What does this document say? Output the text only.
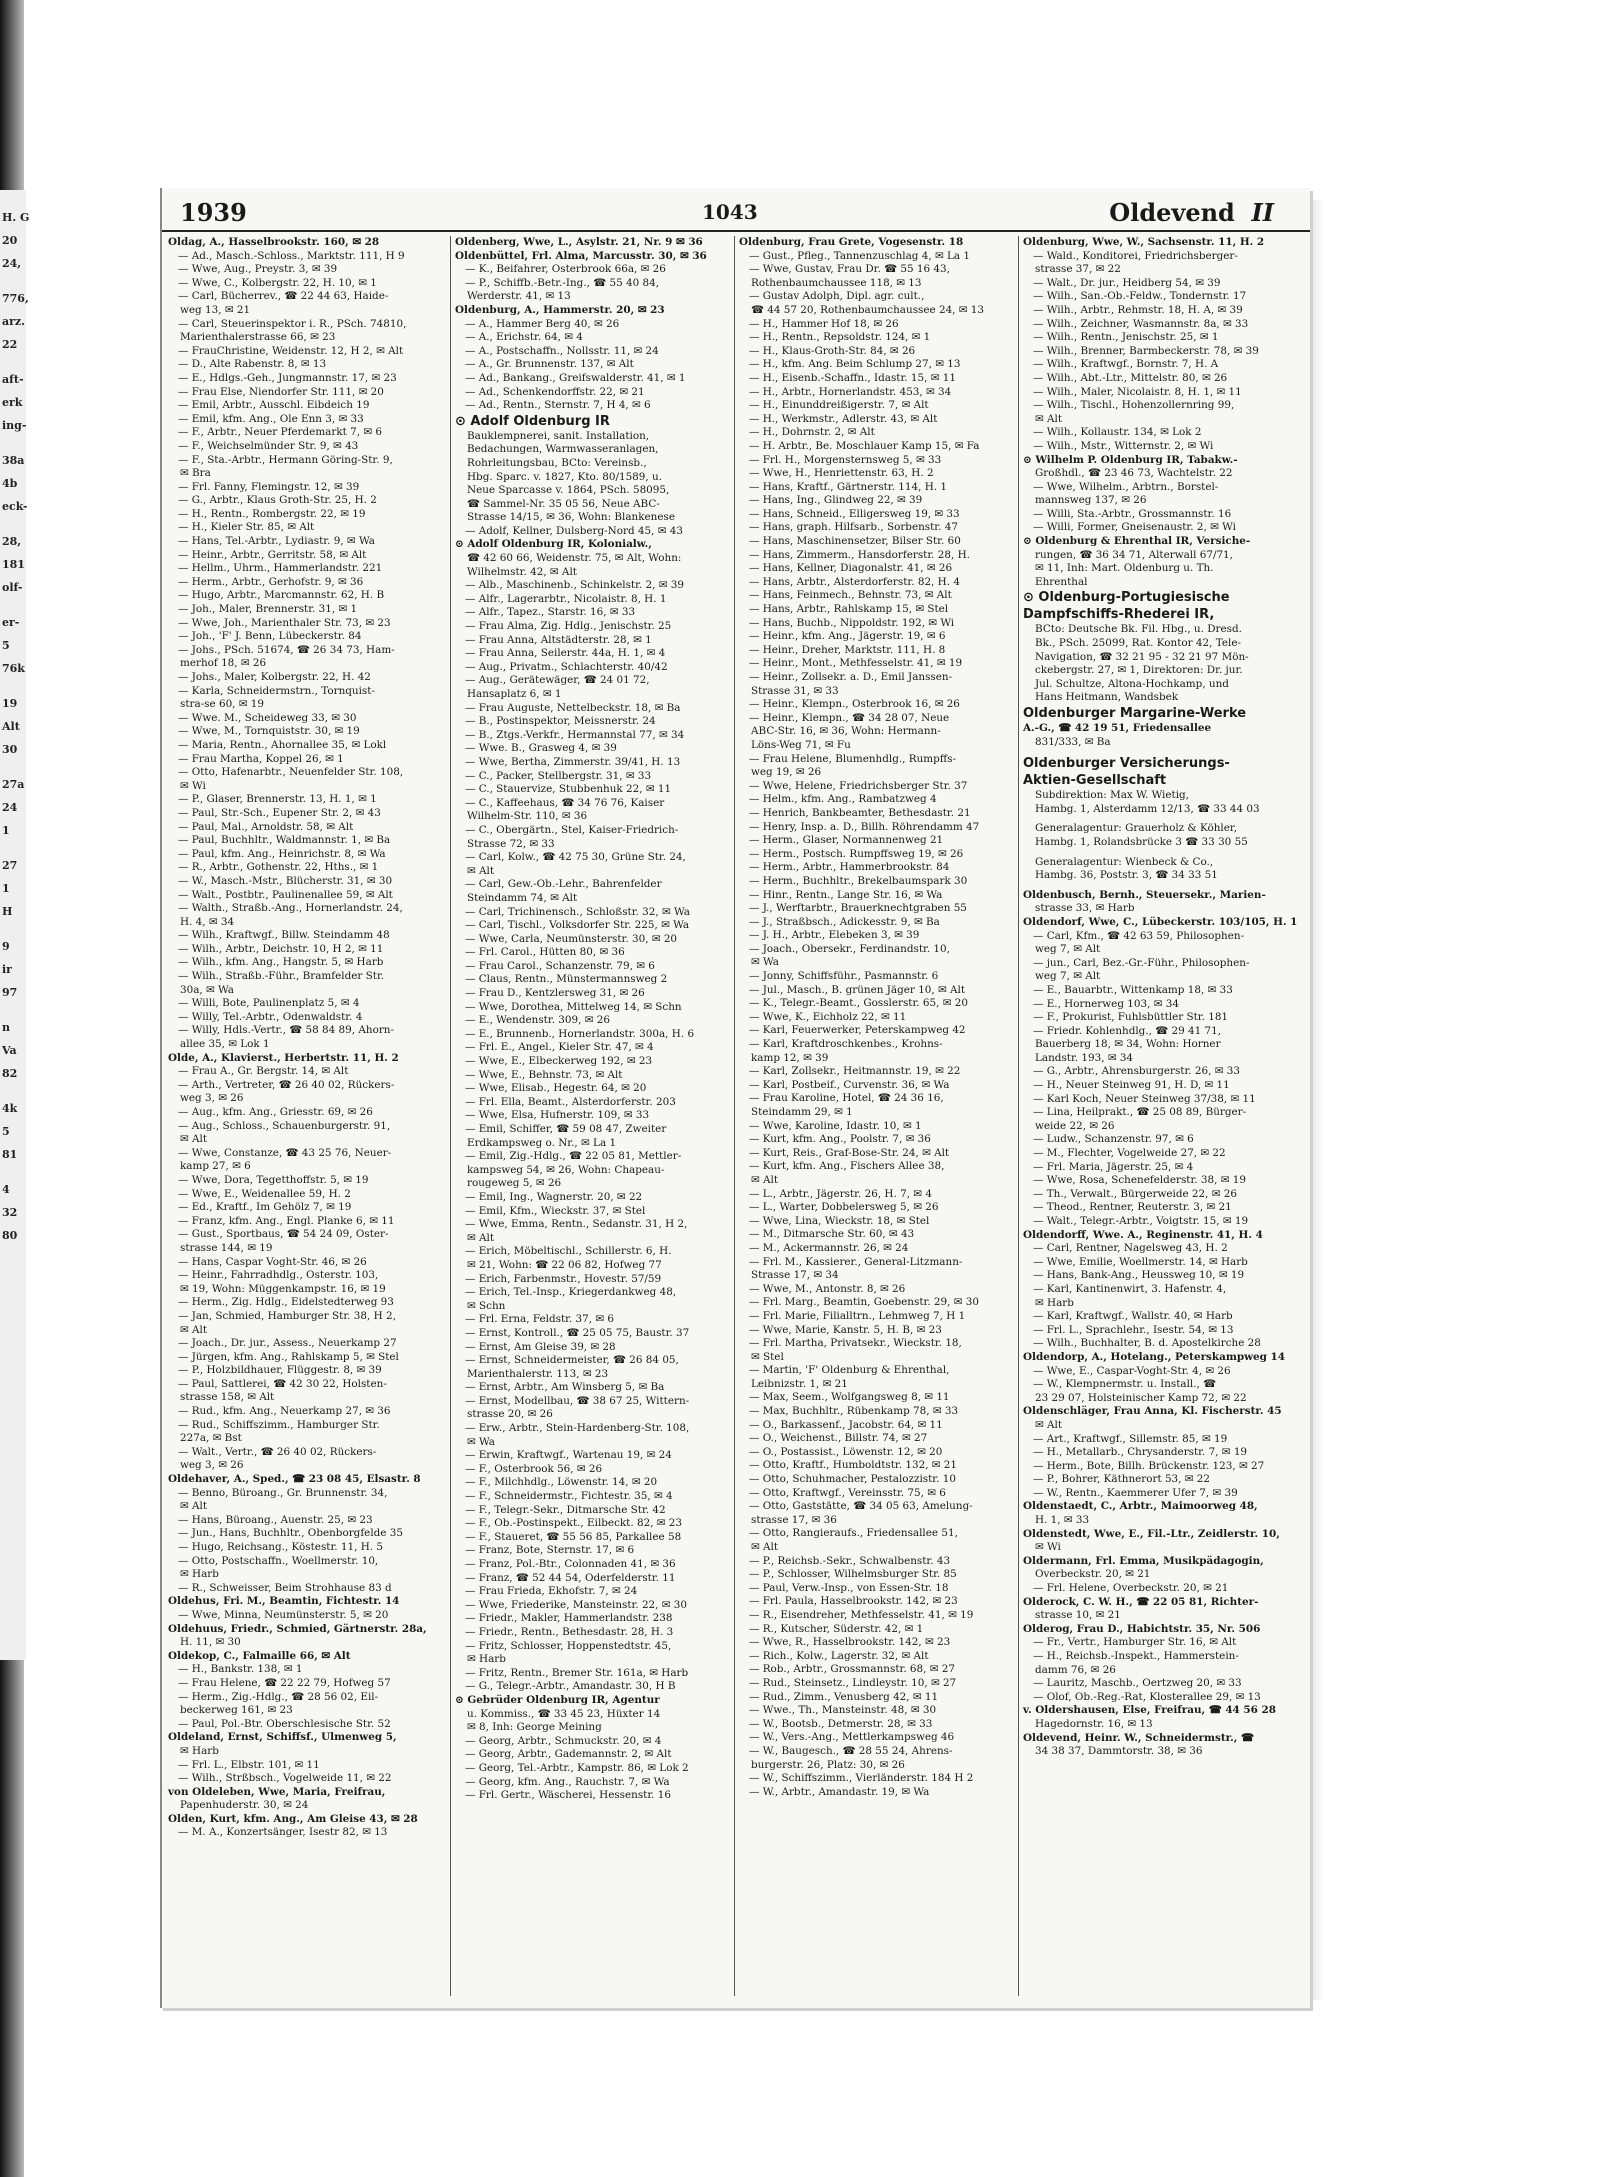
H. G
20
24,
776,
arz.
22
aft-
erk
ing-
38a
4b
eck-
28,
181
olf-
er-
5
76k
19
Alt
30
27a
24
1
27
1
H
9
ir
97
n
Va
82
4k
5
81
4
32
80
1939	1043	Oldevend II

Oldag, A., Hasselbrookstr. 160, ✉ 28

— Ad., Masch.-Schloss., Marktstr. 111, H 9

— Wwe, Aug., Preystr. 3, ✉ 39

— Wwe, C., Kolbergstr. 22, H. 10, ✉ 1

— Carl, Bücherrev., ☎ 22 44 63, Haide-

weg 13, ✉ 21

— Carl, Steuerinspektor i. R., PSch. 74810,

Marienthalerstrasse 66, ✉ 23

— FrauChristine, Weidenstr. 12, H 2, ✉ Alt

— D., Alte Rabenstr. 8, ✉ 13

— E., Hdlgs.-Geh., Jungmannstr. 17, ✉ 23

— Frau Else, Niendorfer Str. 111, ✉ 20

— Emil, Arbtr., Ausschl. Eibdeich 19

— Emil, kfm. Ang., Ole Enn 3, ✉ 33

— F., Arbtr., Neuer Pferdemarkt 7, ✉ 6

— F., Weichselmünder Str. 9, ✉ 43

— F., Sta.-Arbtr., Hermann Göring-Str. 9,

✉ Bra

— Frl. Fanny, Flemingstr. 12, ✉ 39

— G., Arbtr., Klaus Groth-Str. 25, H. 2

— H., Rentn., Rombergstr. 22, ✉ 19

— H., Kieler Str. 85, ✉ Alt

— Hans, Tel.-Arbtr., Lydiastr. 9, ✉ Wa

— Heinr., Arbtr., Gerritstr. 58, ✉ Alt

— Hellm., Uhrm., Hammerlandstr. 221

— Herm., Arbtr., Gerhofstr. 9, ✉ 36

— Hugo, Arbtr., Marcmannstr. 62, H. B

— Joh., Maler, Brennerstr. 31, ✉ 1

— Wwe, Joh., Marienthaler Str. 73, ✉ 23

— Joh., 'F' J. Benn, Lübeckerstr. 84

— Johs., PSch. 51674, ☎ 26 34 73, Ham-

merhof 18, ✉ 26

— Johs., Maler, Kolbergstr. 22, H. 42

— Karla, Schneidermstrn., Tornquist-

stra-se 60, ✉ 19

— Wwe. M., Scheideweg 33, ✉ 30

— Wwe, M., Tornquiststr. 30, ✉ 19

— Maria, Rentn., Ahornallee 35, ✉ Lokl

— Frau Martha, Koppel 26, ✉ 1

— Otto, Hafenarbtr., Neuenfelder Str. 108,

✉ Wi

— P., Glaser, Brennerstr. 13, H. 1, ✉ 1

— Paul, Str.-Sch., Eupener Str. 2, ✉ 43

— Paul, Mal., Arnoldstr. 58, ✉ Alt

— Paul, Buchhltr., Waldmannstr. 1, ✉ Ba

— Paul, kfm. Ang., Heinrichstr. 8, ✉ Wa

— R., Arbtr., Gothenstr. 22, Hths., ✉ 1

— W., Masch.-Mstr., Blücherstr. 31, ✉ 30

— Walt., Postbtr., Paulinenallee 59, ✉ Alt

— Walth., Straßb.-Ang., Hornerlandstr. 24,

H. 4, ✉ 34

— Wilh., Kraftwgf., Billw. Steindamm 48

— Wilh., Arbtr., Deichstr. 10, H 2, ✉ 11

— Wilh., kfm. Ang., Hangstr. 5, ✉ Harb

— Wilh., Straßb.-Führ., Bramfelder Str.

30a, ✉ Wa

— Willi, Bote, Paulinenplatz 5, ✉ 4

— Willy, Tel.-Arbtr., Odenwaldstr. 4

— Willy, Hdls.-Vertr., ☎ 58 84 89, Ahorn-

allee 35, ✉ Lok 1

Olde, A., Klavierst., Herbertstr. 11, H. 2

— Frau A., Gr. Bergstr. 14, ✉ Alt

— Arth., Vertreter, ☎ 26 40 02, Rückers-

weg 3, ✉ 26

— Aug., kfm. Ang., Griesstr. 69, ✉ 26

— Aug., Schloss., Schauenburgerstr. 91,

✉ Alt

— Wwe, Constanze, ☎ 43 25 76, Neuer-

kamp 27, ✉ 6

— Wwe, Dora, Tegetthoffstr. 5, ✉ 19

— Wwe, E., Weidenallee 59, H. 2

— Ed., Kraftf., Im Gehölz 7, ✉ 19

— Franz, kfm. Ang., Engl. Planke 6, ✉ 11

— Gust., Sportbaus, ☎ 54 24 09, Oster-

strasse 144, ✉ 19

— Hans, Caspar Voght-Str. 46, ✉ 26

— Heinr., Fahrradhdlg., Osterstr. 103,

✉ 19, Wohn: Müggenkampstr. 16, ✉ 19

— Herm., Zig. Hdlg., Eidelstedterweg 93

— Jan, Schmied, Hamburger Str. 38, H 2,

✉ Alt

— Joach., Dr. jur., Assess., Neuerkamp 27

— Jürgen, kfm. Ang., Rahlskamp 5, ✉ Stel

— P., Holzbildhauer, Flüggestr. 8, ✉ 39

— Paul, Sattlerei, ☎ 42 30 22, Holsten-

strasse 158, ✉ Alt

— Rud., kfm. Ang., Neuerkamp 27, ✉ 36

— Rud., Schiffszimm., Hamburger Str.

227a, ✉ Bst

— Walt., Vertr., ☎ 26 40 02, Rückers-

weg 3, ✉ 26

Oldehaver, A., Sped., ☎ 23 08 45, Elsastr. 8

— Benno, Büroang., Gr. Brunnenstr. 34,

✉ Alt

— Hans, Büroang., Auenstr. 25, ✉ 23

— Jun., Hans, Buchhltr., Obenborgfelde 35

— Hugo, Reichsang., Köstestr. 11, H. 5

— Otto, Postschaffn., Woellmerstr. 10,

✉ Harb

— R., Schweisser, Beim Strohhause 83 d

Oldehus, Fri. M., Beamtin, Fichtestr. 14

— Wwe, Minna, Neumünsterstr. 5, ✉ 20

Oldehuus, Friedr., Schmied, Gärtnerstr. 28a,

H. 11, ✉ 30

Oldekop, C., Falmaille 66, ✉ Alt

— H., Bankstr. 138, ✉ 1

— Frau Helene, ☎ 22 22 79, Hofweg 57

— Herm., Zig.-Hdlg., ☎ 28 56 02, Eil-

beckerweg 161, ✉ 23

— Paul, Pol.-Btr. Oberschlesische Str. 52

Oldeland, Ernst, Schiffsf., Ulmenweg 5,

✉ Harb

— Frl. L., Elbstr. 101, ✉ 11

— Wilh., Strßbsch., Vogelweide 11, ✉ 22

von Oldeleben, Wwe, Maria, Freifrau,

Papenhuderstr. 30, ✉ 24

Olden, Kurt, kfm. Ang., Am Gleise 43, ✉ 28

— M. A., Konzertsänger, Isestr 82, ✉ 13

Oldenberg, Wwe, L., Asylstr. 21, Nr. 9 ✉ 36

Oldenbüttel, Frl. Alma, Marcusstr. 30, ✉ 36

— K., Beifahrer, Osterbrook 66a, ✉ 26

— P., Schiffb.-Betr.-Ing., ☎ 55 40 84,

Werderstr. 41, ✉ 13

Oldenburg, A., Hammerstr. 20, ✉ 23

— A., Hammer Berg 40, ✉ 26

— A., Erichstr. 64, ✉ 4

— A., Postschaffn., Nollsstr. 11, ✉ 24

— A., Gr. Brunnenstr. 137, ✉ Alt

— Ad., Bankang., Greifswalderstr. 41, ✉ 1

— Ad., Schenkendorffstr. 22, ✉ 21

— Ad., Rentn., Sternstr. 7, H 4, ✉ 6

⊙ Adolf Oldenburg IR

Bauklempnerei, sanit. Installation,

Bedachungen, Warmwasseranlagen,

Rohrleitungsbau, BCto: Vereinsb.,

Hbg. Sparc. v. 1827, Kto. 80/1589, u.

Neue Sparcasse v. 1864, PSch. 58095,

☎ Sammel-Nr. 35 05 56, Neue ABC-

Strasse 14/15, ✉ 36, Wohn: Blankenese

— Adolf, Kellner, Dulsberg-Nord 45, ✉ 43

⊙ Adolf Oldenburg IR, Kolonialw.,

☎ 42 60 66, Weidenstr. 75, ✉ Alt, Wohn:

Wilhelmstr. 42, ✉ Alt

— Alb., Maschinenb., Schinkelstr. 2, ✉ 39

— Alfr., Lagerarbtr., Nicolaistr. 8, H. 1

— Alfr., Tapez., Starstr. 16, ✉ 33

— Frau Alma, Zig. Hdlg., Jenischstr. 25

— Frau Anna, Altstädterstr. 28, ✉ 1

— Frau Anna, Seilerstr. 44a, H. 1, ✉ 4

— Aug., Privatm., Schlachterstr. 40/42

— Aug., Gerätewäger, ☎ 24 01 72,

Hansaplatz 6, ✉ 1

— Frau Auguste, Nettelbeckstr. 18, ✉ Ba

— B., Postinspektor, Meissnerstr. 24

— B., Ztgs.-Verkfr., Hermannstal 77, ✉ 34

— Wwe. B., Grasweg 4, ✉ 39

— Wwe, Bertha, Zimmerstr. 39/41, H. 13

— C., Packer, Stellbergstr. 31, ✉ 33

— C., Stauervize, Stubbenhuk 22, ✉ 11

— C., Kaffeehaus, ☎ 34 76 76, Kaiser

Wilhelm-Str. 110, ✉ 36

— C., Obergärtn., Stel, Kaiser-Friedrich-

Strasse 72, ✉ 33

— Carl, Kolw., ☎ 42 75 30, Grüne Str. 24,

✉ Alt

— Carl, Gew.-Ob.-Lehr., Bahrenfelder

Steindamm 74, ✉ Alt

— Carl, Trichinensch., Schloßstr. 32, ✉ Wa

— Carl, Tischl., Volksdorfer Str. 225, ✉ Wa

— Wwe, Carla, Neumünsterstr. 30, ✉ 20

— Frl. Carol., Hütten 80, ✉ 36

— Frau Carol., Schanzenstr. 79, ✉ 6

— Claus, Rentn., Münstermannsweg 2

— Frau D., Kentzlersweg 31, ✉ 26

— Wwe, Dorothea, Mittelweg 14, ✉ Schn

— E., Wendenstr. 309, ✉ 26

— E., Brunnenb., Hornerlandstr. 300a, H. 6

— Frl. E., Angel., Kieler Str. 47, ✉ 4

— Wwe, E., Elbeckerweg 192, ✉ 23

— Wwe, E., Behnstr. 73, ✉ Alt

— Wwe, Elisab., Hegestr. 64, ✉ 20

— Frl. Ella, Beamt., Alsterdorferstr. 203

— Wwe, Elsa, Hufnerstr. 109, ✉ 33

— Emil, Schiffer, ☎ 59 08 47, Zweiter

Erdkampsweg o. Nr., ✉ La 1

— Emil, Zig.-Hdlg., ☎ 22 05 81, Mettler-

kampsweg 54, ✉ 26, Wohn: Chapeau-

rougeweg 5, ✉ 26

— Emil, Ing., Wagnerstr. 20, ✉ 22

— Emil, Kfm., Wieckstr. 37, ✉ Stel

— Wwe, Emma, Rentn., Sedanstr. 31, H 2,

✉ Alt

— Erich, Möbeltischl., Schillerstr. 6, H.

✉ 21, Wohn: ☎ 22 06 82, Hofweg 77

— Erich, Farbenmstr., Hovestr. 57/59

— Erich, Tel.-Insp., Kriegerdankweg 48,

✉ Schn

— Frl. Erna, Feldstr. 37, ✉ 6

— Ernst, Kontroll., ☎ 25 05 75, Baustr. 37

— Ernst, Am Gleise 39, ✉ 28

— Ernst, Schneidermeister, ☎ 26 84 05,

Marienthalerstr. 113, ✉ 23

— Ernst, Arbtr., Am Winsberg 5, ✉ Ba

— Ernst, Modellbau, ☎ 38 67 25, Wittern-

strasse 20, ✉ 26

— Erw., Arbtr., Stein-Hardenberg-Str. 108,

✉ Wa

— Erwin, Kraftwgf., Wartenau 19, ✉ 24

— F., Osterbrook 56, ✉ 26

— F., Milchhdlg., Löwenstr. 14, ✉ 20

— F., Schneidermstr., Fichtestr. 35, ✉ 4

— F., Telegr.-Sekr., Ditmarsche Str. 42

— F., Ob.-Postinspekt., Eilbeckt. 82, ✉ 23

— F., Staueret, ☎ 55 56 85, Parkallee 58

— Franz, Bote, Sternstr. 17, ✉ 6

— Franz, Pol.-Btr., Colonnaden 41, ✉ 36

— Franz, ☎ 52 44 54, Oderfelderstr. 11

— Frau Frieda, Ekhofstr. 7, ✉ 24

— Wwe, Friederike, Mansteinstr. 22, ✉ 30

— Friedr., Makler, Hammerlandstr. 238

— Friedr., Rentn., Bethesdastr. 28, H. 3

— Fritz, Schlosser, Hoppenstedtstr. 45,

✉ Harb

— Fritz, Rentn., Bremer Str. 161a, ✉ Harb

— G., Telegr.-Arbtr., Amandastr. 30, H B

⊙ Gebrüder Oldenburg IR, Agentur

u. Kommiss., ☎ 33 45 23, Hüxter 14

✉ 8, Inh: George Meining

— Georg, Arbtr., Schmuckstr. 20, ✉ 4

— Georg, Arbtr., Gademannstr. 2, ✉ Alt

— Georg, Tel.-Arbtr., Kampstr. 86, ✉ Lok 2

— Georg, kfm. Ang., Rauchstr. 7, ✉ Wa

— Frl. Gertr., Wäscherei, Hessenstr. 16

Oldenburg, Frau Grete, Vogesenstr. 18

— Gust., Pfleg., Tannenzuschlag 4, ✉ La 1

— Wwe, Gustav, Frau Dr. ☎ 55 16 43,

Rothenbaumchaussee 118, ✉ 13

— Gustav Adolph, Dipl. agr. cult.,

☎ 44 57 20, Rothenbaumchaussee 24, ✉ 13

— H., Hammer Hof 18, ✉ 26

— H., Rentn., Repsoldstr. 124, ✉ 1

— H., Klaus-Groth-Str. 84, ✉ 26

— H., kfm. Ang. Beim Schlump 27, ✉ 13

— H., Eisenb.-Schaffn., Idastr. 15, ✉ 11

— H., Arbtr., Hornerlandstr. 453, ✉ 34

— H., Einunddreißigerstr. 7, ✉ Alt

— H., Werkmstr., Adlerstr. 43, ✉ Alt

— H., Dohrnstr. 2, ✉ Alt

— H. Arbtr., Be. Moschlauer Kamp 15, ✉ Fa

— Frl. H., Morgensternsweg 5, ✉ 33

— Wwe, H., Henriettenstr. 63, H. 2

— Hans, Kraftf., Gärtnerstr. 114, H. 1

— Hans, Ing., Glindweg 22, ✉ 39

— Hans, Schneid., Elligersweg 19, ✉ 33

— Hans, graph. Hilfsarb., Sorbenstr. 47

— Hans, Maschinensetzer, Bilser Str. 60

— Hans, Zimmerm., Hansdorferstr. 28, H.

— Hans, Kellner, Diagonalstr. 41, ✉ 26

— Hans, Arbtr., Alsterdorferstr. 82, H. 4

— Hans, Feinmech., Behnstr. 73, ✉ Alt

— Hans, Arbtr., Rahlskamp 15, ✉ Stel

— Hans, Buchb., Nippoldstr. 192, ✉ Wi

— Heinr., kfm. Ang., Jägerstr. 19, ✉ 6

— Heinr., Dreher, Marktstr. 111, H. 8

— Heinr., Mont., Methfesselstr. 41, ✉ 19

— Heinr., Zollsekr. a. D., Emil Janssen-

Strasse 31, ✉ 33

— Heinr., Klempn., Osterbrook 16, ✉ 26

— Heinr., Klempn., ☎ 34 28 07, Neue

ABC-Str. 16, ✉ 36, Wohn: Hermann-

Löns-Weg 71, ✉ Fu

— Frau Helene, Blumenhdlg., Rumpffs-

weg 19, ✉ 26

— Wwe, Helene, Friedrichsberger Str. 37

— Helm., kfm. Ang., Rambatzweg 4

— Henrich, Bankbeamter, Bethesdastr. 21

— Henry, Insp. a. D., Billh. Röhrendamm 47

— Herm., Glaser, Normannenweg 21

— Herm., Postsch. Rumpffsweg 19, ✉ 26

— Herm., Arbtr., Hammerbrookstr. 84

— Herm., Buchhltr., Brekelbaumspark 30

— Hinr., Rentn., Lange Str. 16, ✉ Wa

— J., Werftarbtr., Brauerknechtgraben 55

— J., Straßbsch., Adickesstr. 9, ✉ Ba

— J. H., Arbtr., Elebeken 3, ✉ 39

— Joach., Obersekr., Ferdinandstr. 10,

✉ Wa

— Jonny, Schiffsführ., Pasmannstr. 6

— Jul., Masch., B. grünen Jäger 10, ✉ Alt

— K., Telegr.-Beamt., Gosslerstr. 65, ✉ 20

— Wwe, K., Eichholz 22, ✉ 11

— Karl, Feuerwerker, Peterskampweg 42

— Karl, Kraftdroschkenbes., Krohns-

kamp 12, ✉ 39

— Karl, Zollsekr., Heitmannstr. 19, ✉ 22

— Karl, Postbeif., Curvenstr. 36, ✉ Wa

— Frau Karoline, Hotel, ☎ 24 36 16,

Steindamm 29, ✉ 1

— Wwe, Karoline, Idastr. 10, ✉ 1

— Kurt, kfm. Ang., Poolstr. 7, ✉ 36

— Kurt, Reis., Graf-Bose-Str. 24, ✉ Alt

— Kurt, kfm. Ang., Fischers Allee 38,

✉ Alt

— L., Arbtr., Jägerstr. 26, H. 7, ✉ 4

— L., Warter, Dobbelersweg 5, ✉ 26

— Wwe, Lina, Wieckstr. 18, ✉ Stel

— M., Ditmarsche Str. 60, ✉ 43

— M., Ackermannstr. 26, ✉ 24

— Frl. M., Kassierer., General-Litzmann-

Strasse 17, ✉ 34

— Wwe, M., Antonstr. 8, ✉ 26

— Frl. Marg., Beamtin, Goebenstr. 29, ✉ 30

— Frl. Marie, Filialltrn., Lehmweg 7, H 1

— Wwe, Marie, Kanstr. 5, H. B, ✉ 23

— Frl. Martha, Privatsekr., Wieckstr. 18,

✉ Stel

— Martin, 'F' Oldenburg & Ehrenthal,

Leibnizstr. 1, ✉ 21

— Max, Seem., Wolfgangsweg 8, ✉ 11

— Max, Buchhltr., Rübenkamp 78, ✉ 33

— O., Barkassenf., Jacobstr. 64, ✉ 11

— O., Weichenst., Billstr. 74, ✉ 27

— O., Postassist., Löwenstr. 12, ✉ 20

— Otto, Kraftf., Humboldtstr. 132, ✉ 21

— Otto, Schuhmacher, Pestalozzistr. 10

— Otto, Kraftwgf., Vereinsstr. 75, ✉ 6

— Otto, Gaststätte, ☎ 34 05 63, Amelung-

strasse 17, ✉ 36

— Otto, Rangieraufs., Friedensallee 51,

✉ Alt

— P., Reichsb.-Sekr., Schwalbenstr. 43

— P., Schlosser, Wilhelmsburger Str. 85

— Paul, Verw.-Insp., von Essen-Str. 18

— Frl. Paula, Hasselbrookstr. 142, ✉ 23

— R., Eisendreher, Methfesselstr. 41, ✉ 19

— R., Kutscher, Süderstr. 42, ✉ 1

— Wwe, R., Hasselbrookstr. 142, ✉ 23

— Rich., Kolw., Lagerstr. 32, ✉ Alt

— Rob., Arbtr., Grossmannstr. 68, ✉ 27

— Rud., Steinsetz., Lindleystr. 10, ✉ 27

— Rud., Zimm., Venusberg 42, ✉ 11

— Wwe., Th., Mansteinstr. 48, ✉ 30

— W., Bootsb., Detmerstr. 28, ✉ 33

— W., Vers.-Ang., Mettlerkampsweg 46

— W., Baugesch., ☎ 28 55 24, Ahrens-

burgerstr. 26, Platz: 30, ✉ 26

— W., Schiffszimm., Vierländerstr. 184 H 2

— W., Arbtr., Amandastr. 19, ✉ Wa

Oldenburg, Wwe, W., Sachsenstr. 11, H. 2

— Wald., Konditorei, Friedrichsberger-

strasse 37, ✉ 22

— Walt., Dr. jur., Heidberg 54, ✉ 39

— Wilh., San.-Ob.-Feldw., Tondernstr. 17

— Wilh., Arbtr., Rehmstr. 18, H. A, ✉ 39

— Wilh., Zeichner, Wasmannstr. 8a, ✉ 33

— Wilh., Rentn., Jenischstr. 25, ✉ 1

— Wilh., Brenner, Barmbeckerstr. 78, ✉ 39

— Wilh., Kraftwgf., Bornstr. 7, H. A

— Wilh., Abt.-Ltr., Mittelstr. 80, ✉ 26

— Wilh., Maler, Nicolaistr. 8, H. 1, ✉ 11

— Wilh., Tischl., Hohenzollernring 99,

✉ Alt

— Wilh., Kollaustr. 134, ✉ Lok 2

— Wilh., Mstr., Witternstr. 2, ✉ Wi

⊙ Wilhelm P. Oldenburg IR, Tabakw.-

Großhdl., ☎ 23 46 73, Wachtelstr. 22

— Wwe, Wilhelm., Arbtrn., Borstel-

mannsweg 137, ✉ 26

— Willi, Sta.-Arbtr., Grossmannstr. 16

— Willi, Former, Gneisenaustr. 2, ✉ Wi

⊙ Oldenburg & Ehrenthal IR, Versiche-

rungen, ☎ 36 34 71, Alterwall 67/71,

✉ 11, Inh: Mart. Oldenburg u. Th.

Ehrenthal

⊙ Oldenburg-Portugiesische

Dampfschiffs-Rhederei IR,

BCto: Deutsche Bk. Fil. Hbg., u. Dresd.

Bk., PSch. 25099, Rat. Kontor 42, Tele-

Navigation, ☎ 32 21 95 - 32 21 97 Mön-

ckebergstr. 27, ✉ 1, Direktoren: Dr. jur.

Jul. Schultze, Altona-Hochkamp, und

Hans Heitmann, Wandsbek

Oldenburger Margarine-Werke

A.-G., ☎ 42 19 51, Friedensallee

831/333, ✉ Ba

Oldenburger Versicherungs-

Aktien-Gesellschaft

Subdirektion: Max W. Wietig,

Hambg. 1, Alsterdamm 12/13, ☎ 33 44 03

Generalagentur: Grauerholz & Köhler,

Hambg. 1, Rolandsbrücke 3 ☎ 33 30 55

Generalagentur: Wienbeck & Co.,

Hambg. 36, Poststr. 3, ☎ 34 33 51

Oldenbusch, Bernh., Steuersekr., Marien-

strasse 33, ✉ Harb

Oldendorf, Wwe, C., Lübeckerstr. 103/105, H. 1

— Carl, Kfm., ☎ 42 63 59, Philosophen-

weg 7, ✉ Alt

— jun., Carl, Bez.-Gr.-Führ., Philosophen-

weg 7, ✉ Alt

— E., Bauarbtr., Wittenkamp 18, ✉ 33

— E., Hornerweg 103, ✉ 34

— F., Prokurist, Fuhlsbüttler Str. 181

— Friedr. Kohlenhdlg., ☎ 29 41 71,

Bauerberg 18, ✉ 34, Wohn: Horner

Landstr. 193, ✉ 34

— G., Arbtr., Ahrensburgerstr. 26, ✉ 33

— H., Neuer Steinweg 91, H. D, ✉ 11

— Karl Koch, Neuer Steinweg 37/38, ✉ 11

— Lina, Heilprakt., ☎ 25 08 89, Bürger-

weide 22, ✉ 26

— Ludw., Schanzenstr. 97, ✉ 6

— M., Flechter, Vogelweide 27, ✉ 22

— Frl. Maria, Jägerstr. 25, ✉ 4

— Wwe, Rosa, Schenefelderstr. 38, ✉ 19

— Th., Verwalt., Bürgerweide 22, ✉ 26

— Theod., Rentner, Reuterstr. 3, ✉ 21

— Walt., Telegr.-Arbtr., Voigtstr. 15, ✉ 19

Oldendorff, Wwe. A., Reginenstr. 41, H. 4

— Carl, Rentner, Nagelsweg 43, H. 2

— Wwe, Emilie, Woellmerstr. 14, ✉ Harb

— Hans, Bank-Ang., Heussweg 10, ✉ 19

— Karl, Kantinenwirt, 3. Hafenstr. 4,

✉ Harb

— Karl, Kraftwgf., Wallstr. 40, ✉ Harb

— Frl. L., Sprachlehr., Isestr. 54, ✉ 13

— Wilh., Buchhalter, B. d. Apostelkirche 28

Oldendorp, A., Hotelang., Peterskampweg 14

— Wwe, E., Caspar-Voght-Str. 4, ✉ 26

— W., Klempnermstr. u. Install., ☎

23 29 07, Holsteinischer Kamp 72, ✉ 22

Oldenschläger, Frau Anna, Kl. Fischerstr. 45

✉ Alt

— Art., Kraftwgf., Sillemstr. 85, ✉ 19

— H., Metallarb., Chrysanderstr. 7, ✉ 19

— Herm., Bote, Billh. Brückenstr. 123, ✉ 27

— P., Bohrer, Käthnerort 53, ✉ 22

— W., Rentn., Kaemmerer Ufer 7, ✉ 39

Oldenstaedt, C., Arbtr., Maimoorweg 48,

H. 1, ✉ 33

Oldenstedt, Wwe, E., Fil.-Ltr., Zeidlerstr. 10,

✉ Wi

Oldermann, Frl. Emma, Musikpädagogin,

Overbeckstr. 20, ✉ 21

— Frl. Helene, Overbeckstr. 20, ✉ 21

Olderock, C. W. H., ☎ 22 05 81, Richter-

strasse 10, ✉ 21

Olderog, Frau D., Habichtstr. 35, Nr. 506

— Fr., Vertr., Hamburger Str. 16, ✉ Alt

— H., Reichsb.-Inspekt., Hammerstein-

damm 76, ✉ 26

— Lauritz, Maschb., Oertzweg 20, ✉ 33

— Olof, Ob.-Reg.-Rat, Klosterallee 29, ✉ 13

v. Oldershausen, Else, Freifrau, ☎ 44 56 28

Hagedornstr. 16, ✉ 13

Oldevend, Heinr. W., Schneidermstr., ☎

34 38 37, Dammtorstr. 38, ✉ 36
